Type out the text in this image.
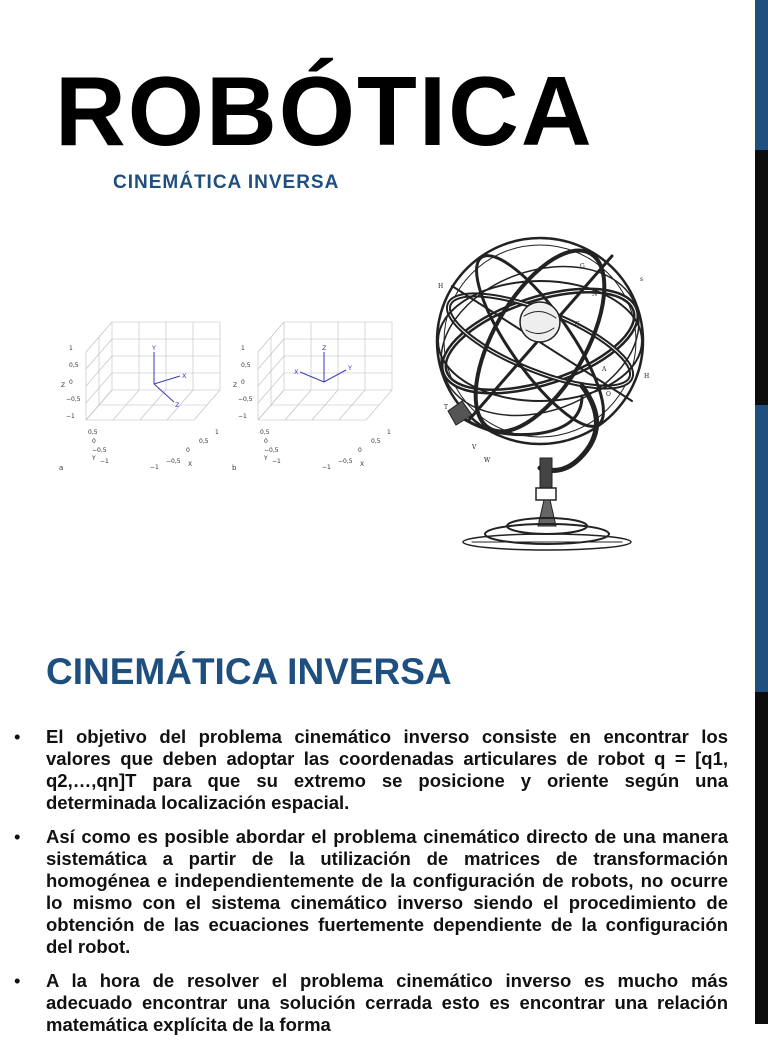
ROBÓTICA
CINEMÁTICA INVERSA
Y
X
Z
1
0,5
0
−0,5
−1
Z
0,5
0
−0,5
−1
Y
−1
−0,5
0
0,5
1
X
a
Z
X	Y
1
0,5
0
−0,5
−1
Z
0,5
0
−0,5
−1
Y
−1
−0,5
0
0,5
1
X
b
H
H
T
G
s
N
C
A
O
V
W
CINEMÁTICA INVERSA
• El objetivo del problema cinemático inverso consiste en encontrar los valores que deben adoptar las coordenadas articulares de robot q = [q1, q2,…,qn]T para que su extremo se posicione y oriente según una determinada localización espacial.
• Así como es posible abordar el problema cinemático directo de una manera sistemática a partir de la utilización de matrices de transformación homogénea e independientemente de la configuración de robots, no ocurre lo mismo con el sistema cinemático inverso siendo el procedimiento de obtención de las ecuaciones fuertemente dependiente de la configuración del robot.
• A la hora de resolver el problema cinemático inverso es mucho más adecuado encontrar una solución cerrada esto es encontrar una relación matemática explícita de la forma
